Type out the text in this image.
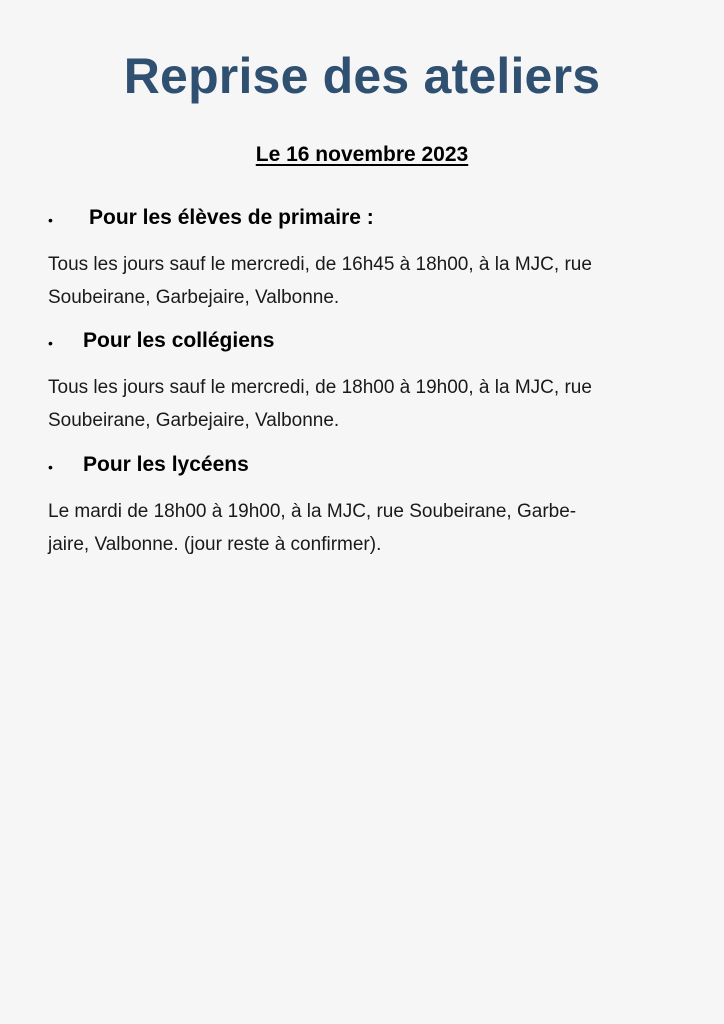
Reprise des ateliers
Le 16 novembre 2023
• Pour les élèves de primaire :
Tous les jours sauf le mercredi, de 16h45 à 18h00, à la MJC, rue
Soubeirane, Garbejaire, Valbonne.
• Pour les collégiens
Tous les jours sauf le mercredi, de 18h00 à 19h00, à la MJC, rue
Soubeirane, Garbejaire, Valbonne.
• Pour les lycéens
Le mardi de 18h00 à 19h00, à la MJC, rue Soubeirane, Garbe-
jaire, Valbonne. (jour reste à confirmer).
